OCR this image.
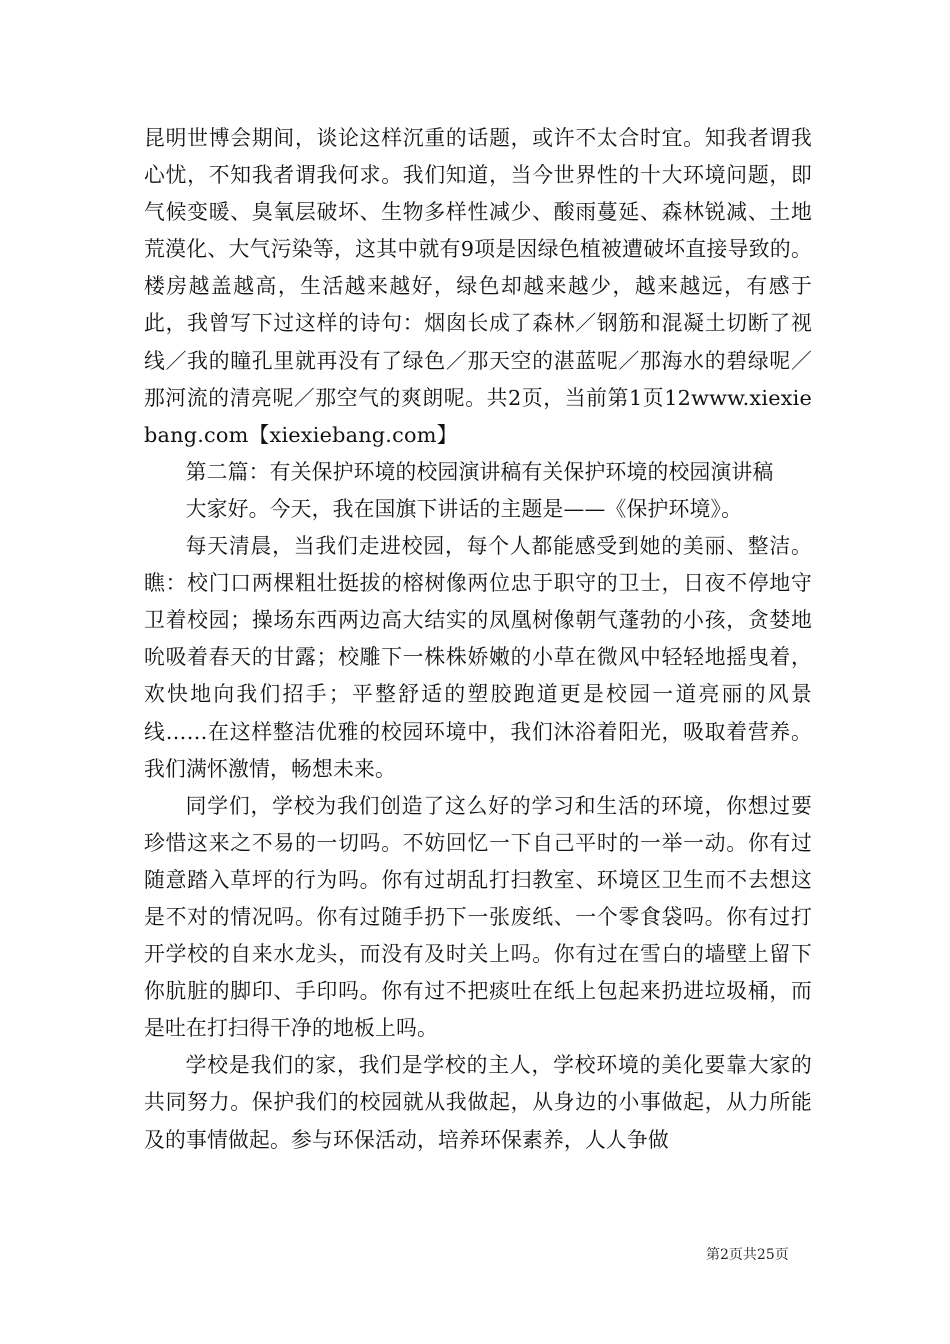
昆明世博会期间，谈论这样沉重的话题，或许不太合时宜。知我者谓我心忧，不知我者谓我何求。我们知道，当今世界性的十大环境问题，即气候变暖、臭氧层破坏、生物多样性减少、酸雨蔓延、森林锐减、土地荒漠化、大气污染等，这其中就有9项是因绿色植被遭破坏直接导致的。楼房越盖越高，生活越来越好，绿色却越来越少，越来越远，有感于此，我曾写下过这样的诗句：烟囱长成了森林／钢筋和混凝土切断了视线／我的瞳孔里就再没有了绿色／那天空的湛蓝呢／那海水的碧绿呢／那河流的清亮呢／那空气的爽朗呢。共2页，当前第1页12www.xiexiebang.com【xiexiebang.com】

第二篇：有关保护环境的校园演讲稿有关保护环境的校园演讲稿

大家好。今天，我在国旗下讲话的主题是——《保护环境》。

每天清晨，当我们走进校园，每个人都能感受到她的美丽、整洁。瞧：校门口两棵粗壮挺拔的榕树像两位忠于职守的卫士，日夜不停地守卫着校园；操场东西两边高大结实的凤凰树像朝气蓬勃的小孩，贪婪地吮吸着春天的甘露；校雕下一株株娇嫩的小草在微风中轻轻地摇曳着，欢快地向我们招手；平整舒适的塑胶跑道更是校园一道亮丽的风景线……在这样整洁优雅的校园环境中，我们沐浴着阳光，吸取着营养。我们满怀激情，畅想未来。

同学们，学校为我们创造了这么好的学习和生活的环境，你想过要珍惜这来之不易的一切吗。不妨回忆一下自己平时的一举一动。你有过随意踏入草坪的行为吗。你有过胡乱打扫教室、环境区卫生而不去想这是不对的情况吗。你有过随手扔下一张废纸、一个零食袋吗。你有过打开学校的自来水龙头，而没有及时关上吗。你有过在雪白的墙壁上留下你肮脏的脚印、手印吗。你有过不把痰吐在纸上包起来扔进垃圾桶，而是吐在打扫得干净的地板上吗。

学校是我们的家，我们是学校的主人，学校环境的美化要靠大家的共同努力。保护我们的校园就从我做起，从身边的小事做起，从力所能及的事情做起。参与环保活动，培养环保素养，人人争做

第2页共25页
